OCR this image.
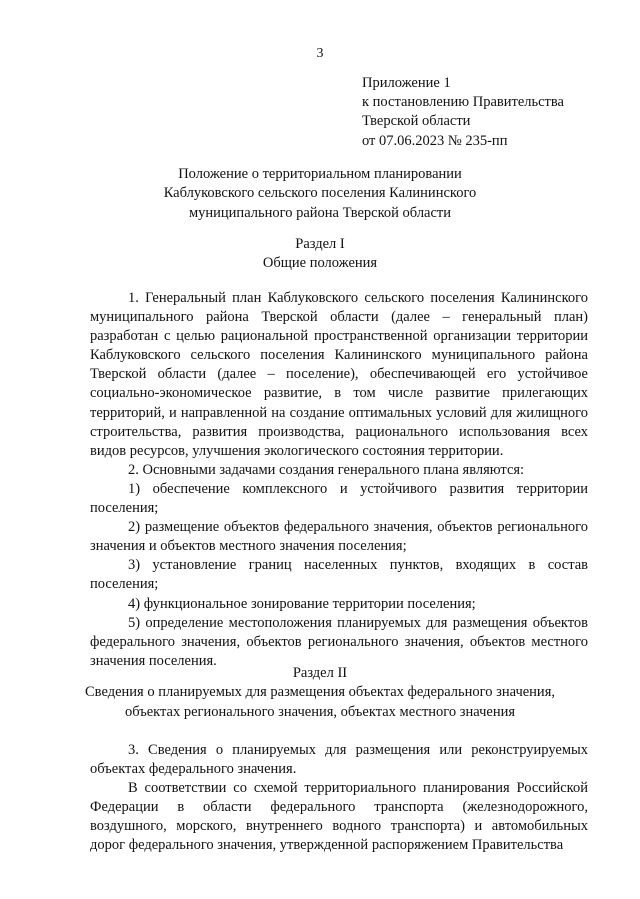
3
Приложение 1
к постановлению Правительства
Тверской области
от 07.06.2023 № 235-пп
Положение о территориальном планировании
Каблуковского сельского поселения Калининского
муниципального района Тверской области
Раздел I
Общие положения

1. Генеральный план Каблуковского сельского поселения Калининского муниципального района Тверской области (далее – генеральный план) разработан с целью рациональной пространственной организации территории Каблуковского сельского поселения Калининского муниципального района Тверской области (далее – поселение), обеспечивающей его устойчивое социально-экономическое развитие, в том числе развитие прилегающих территорий, и направленной на создание оптимальных условий для жилищного строительства, развития производства, рационального использования всех видов ресурсов, улучшения экологического состояния территории.

2. Основными задачами создания генерального плана являются:

1) обеспечение комплексного и устойчивого развития территории поселения;

2) размещение объектов федерального значения, объектов регионального значения и объектов местного значения поселения;

3) установление границ населенных пунктов, входящих в состав поселения;

4) функциональное зонирование территории поселения;

5) определение местоположения планируемых для размещения объектов федерального значения, объектов регионального значения, объектов местного значения поселения.

Раздел II
Сведения о планируемых для размещения объектах федерального значения,
объектах регионального значения, объектах местного значения

3. Сведения о планируемых для размещения или реконструируемых объектах федерального значения.

В соответствии со схемой территориального планирования Российской Федерации в области федерального транспорта (железнодорожного, воздушного, морского, внутреннего водного транспорта) и автомобильных дорог федерального значения, утвержденной распоряжением Правительства
